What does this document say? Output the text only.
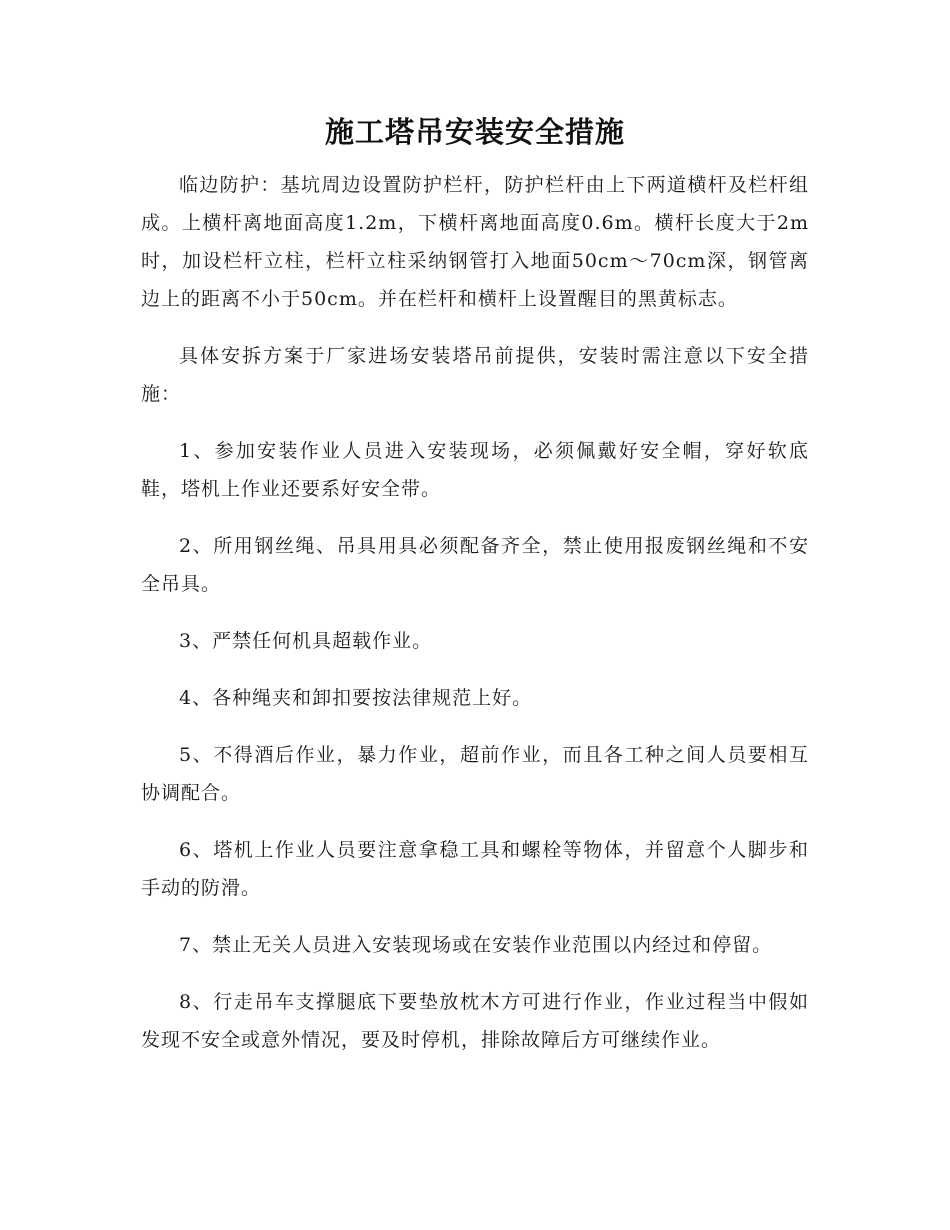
施工塔吊安装安全措施

临边防护：基坑周边设置防护栏杆，防护栏杆由上下两道横杆及栏杆组成。上横杆离地面高度1.2m，下横杆离地面高度0.6m。横杆长度大于2m时，加设栏杆立柱，栏杆立柱采纳钢管打入地面50cm～70cm深，钢管离边上的距离不小于50cm。并在栏杆和横杆上设置醒目的黑黄标志。

具体安拆方案于厂家进场安装塔吊前提供，安装时需注意以下安全措施：

1、参加安装作业人员进入安装现场，必须佩戴好安全帽，穿好软底鞋，塔机上作业还要系好安全带。

2、所用钢丝绳、吊具用具必须配备齐全，禁止使用报废钢丝绳和不安全吊具。

3、严禁任何机具超载作业。

4、各种绳夹和卸扣要按法律规范上好。

5、不得酒后作业，暴力作业，超前作业，而且各工种之间人员要相互协调配合。

6、塔机上作业人员要注意拿稳工具和螺栓等物体，并留意个人脚步和手动的防滑。

7、禁止无关人员进入安装现场或在安装作业范围以内经过和停留。

8、行走吊车支撑腿底下要垫放枕木方可进行作业，作业过程当中假如发现不安全或意外情况，要及时停机，排除故障后方可继续作业。
